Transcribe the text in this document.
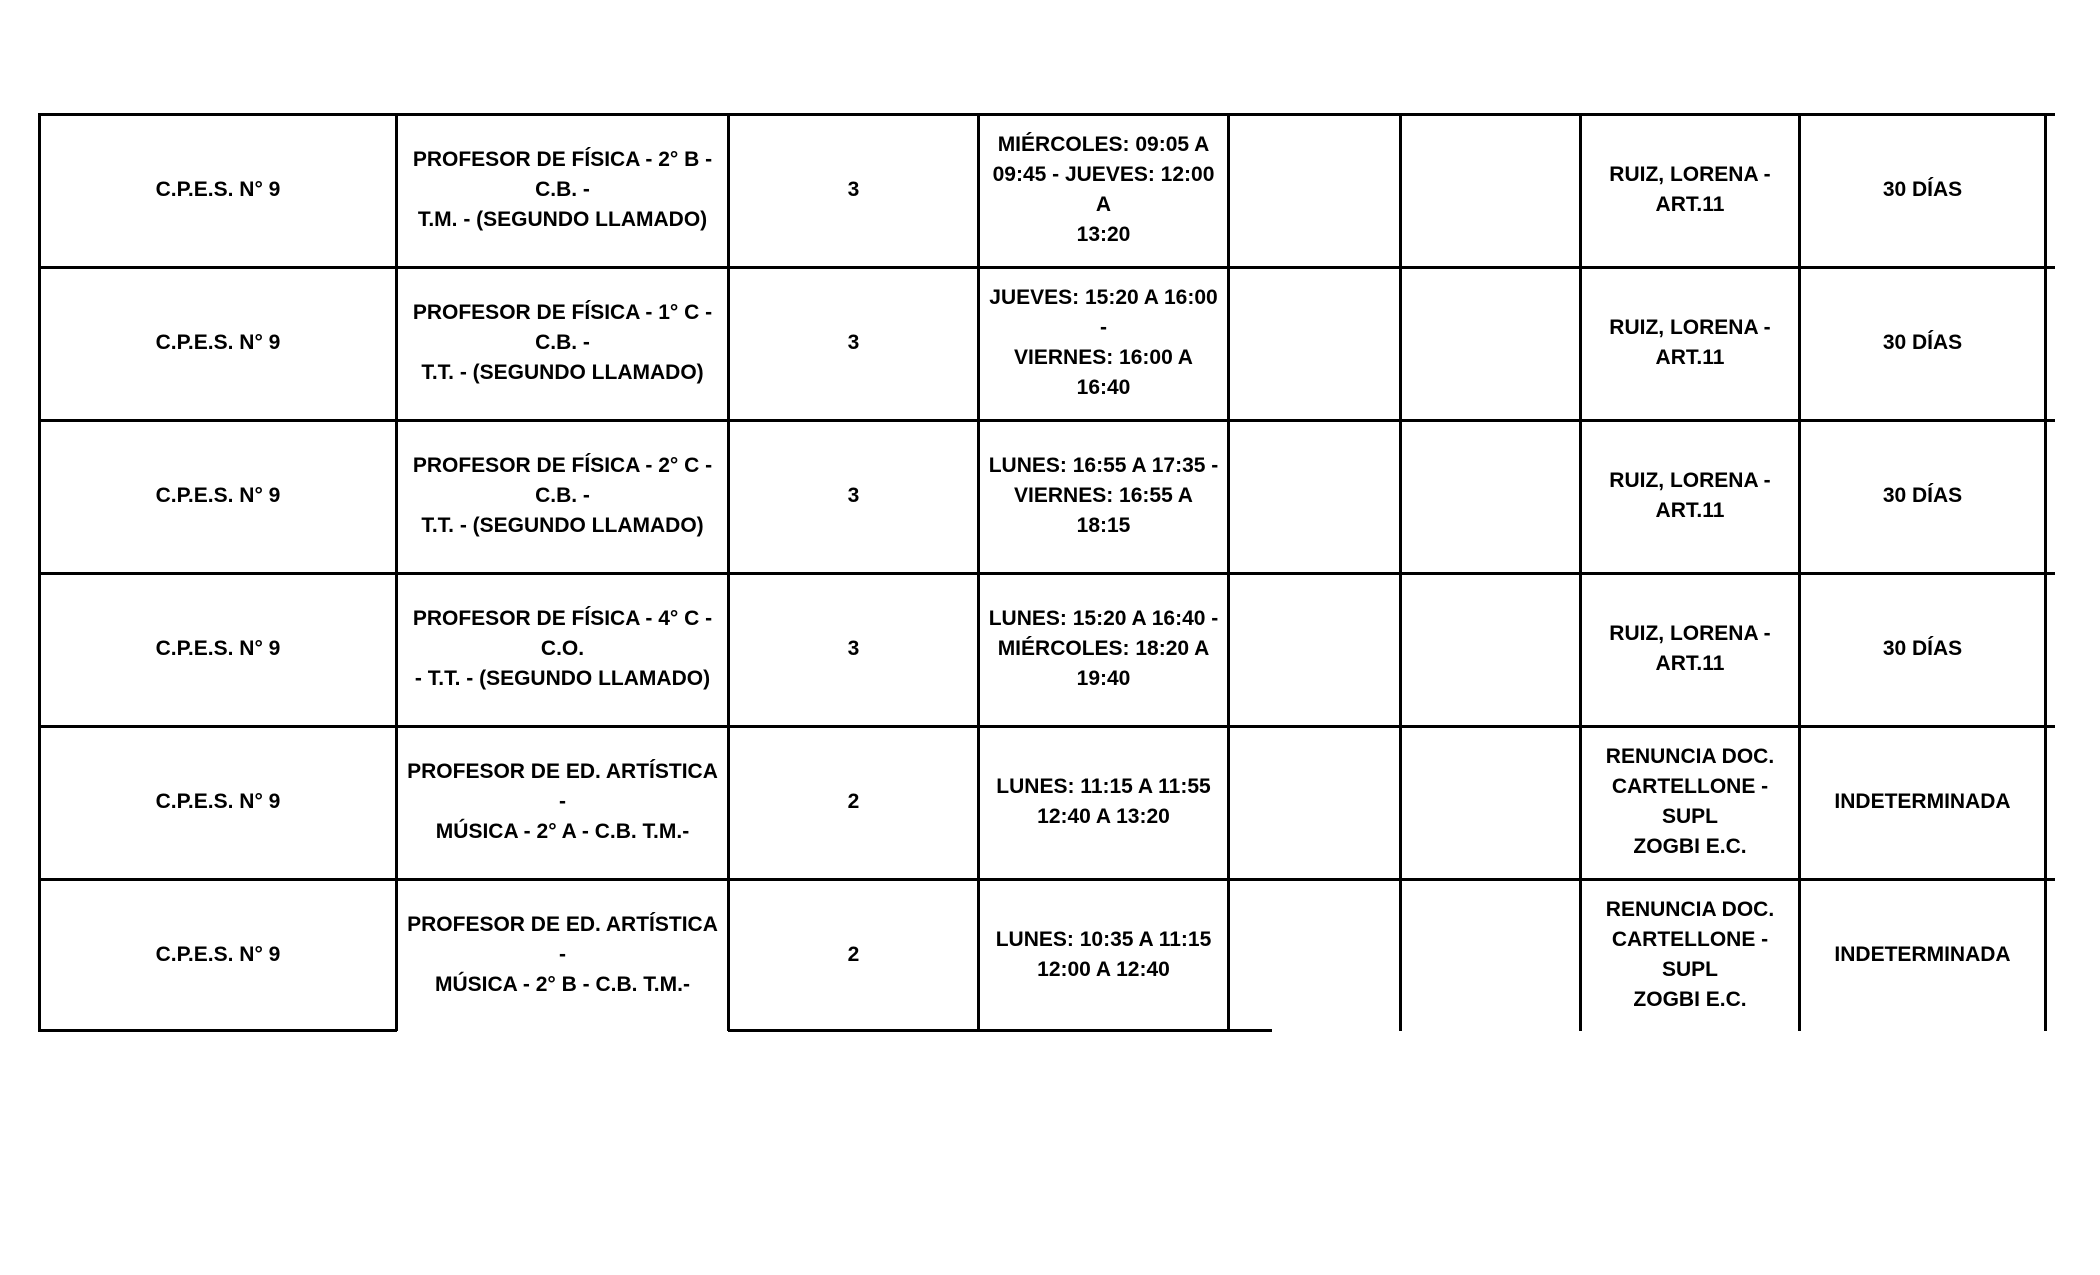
C.P.E.S. N° 9
PROFESOR DE FÍSICA - 2° B - C.B. -
T.M. - (SEGUNDO LLAMADO)
3
MIÉRCOLES: 09:05 A
09:45 - JUEVES: 12:00 A
13:20
RUIZ, LORENA -
ART.11
30 DÍAS
C.P.E.S. N° 9
PROFESOR DE FÍSICA - 1° C - C.B. -
T.T. - (SEGUNDO LLAMADO)
3
JUEVES: 15:20 A 16:00 -
VIERNES: 16:00 A 16:40
RUIZ, LORENA -
ART.11
30 DÍAS
C.P.E.S. N° 9
PROFESOR DE FÍSICA - 2° C - C.B. -
T.T. - (SEGUNDO LLAMADO)
3
LUNES: 16:55 A 17:35 -
VIERNES: 16:55 A 18:15
RUIZ, LORENA -
ART.11
30 DÍAS
C.P.E.S. N° 9
PROFESOR DE FÍSICA - 4° C - C.O.
- T.T. - (SEGUNDO LLAMADO)
3
LUNES: 15:20 A 16:40 -
MIÉRCOLES: 18:20 A
19:40
RUIZ, LORENA -
ART.11
30 DÍAS
C.P.E.S. N° 9
PROFESOR DE ED. ARTÍSTICA -
MÚSICA - 2° A - C.B. T.M.-
2
LUNES: 11:15 A 11:55
12:40 A 13:20
RENUNCIA DOC.
CARTELLONE - SUPL
ZOGBI E.C.
INDETERMINADA
C.P.E.S. N° 9
PROFESOR DE ED. ARTÍSTICA -
MÚSICA - 2° B - C.B. T.M.-
2
LUNES: 10:35 A 11:15
12:00 A 12:40
RENUNCIA DOC.
CARTELLONE - SUPL
ZOGBI E.C.
INDETERMINADA
